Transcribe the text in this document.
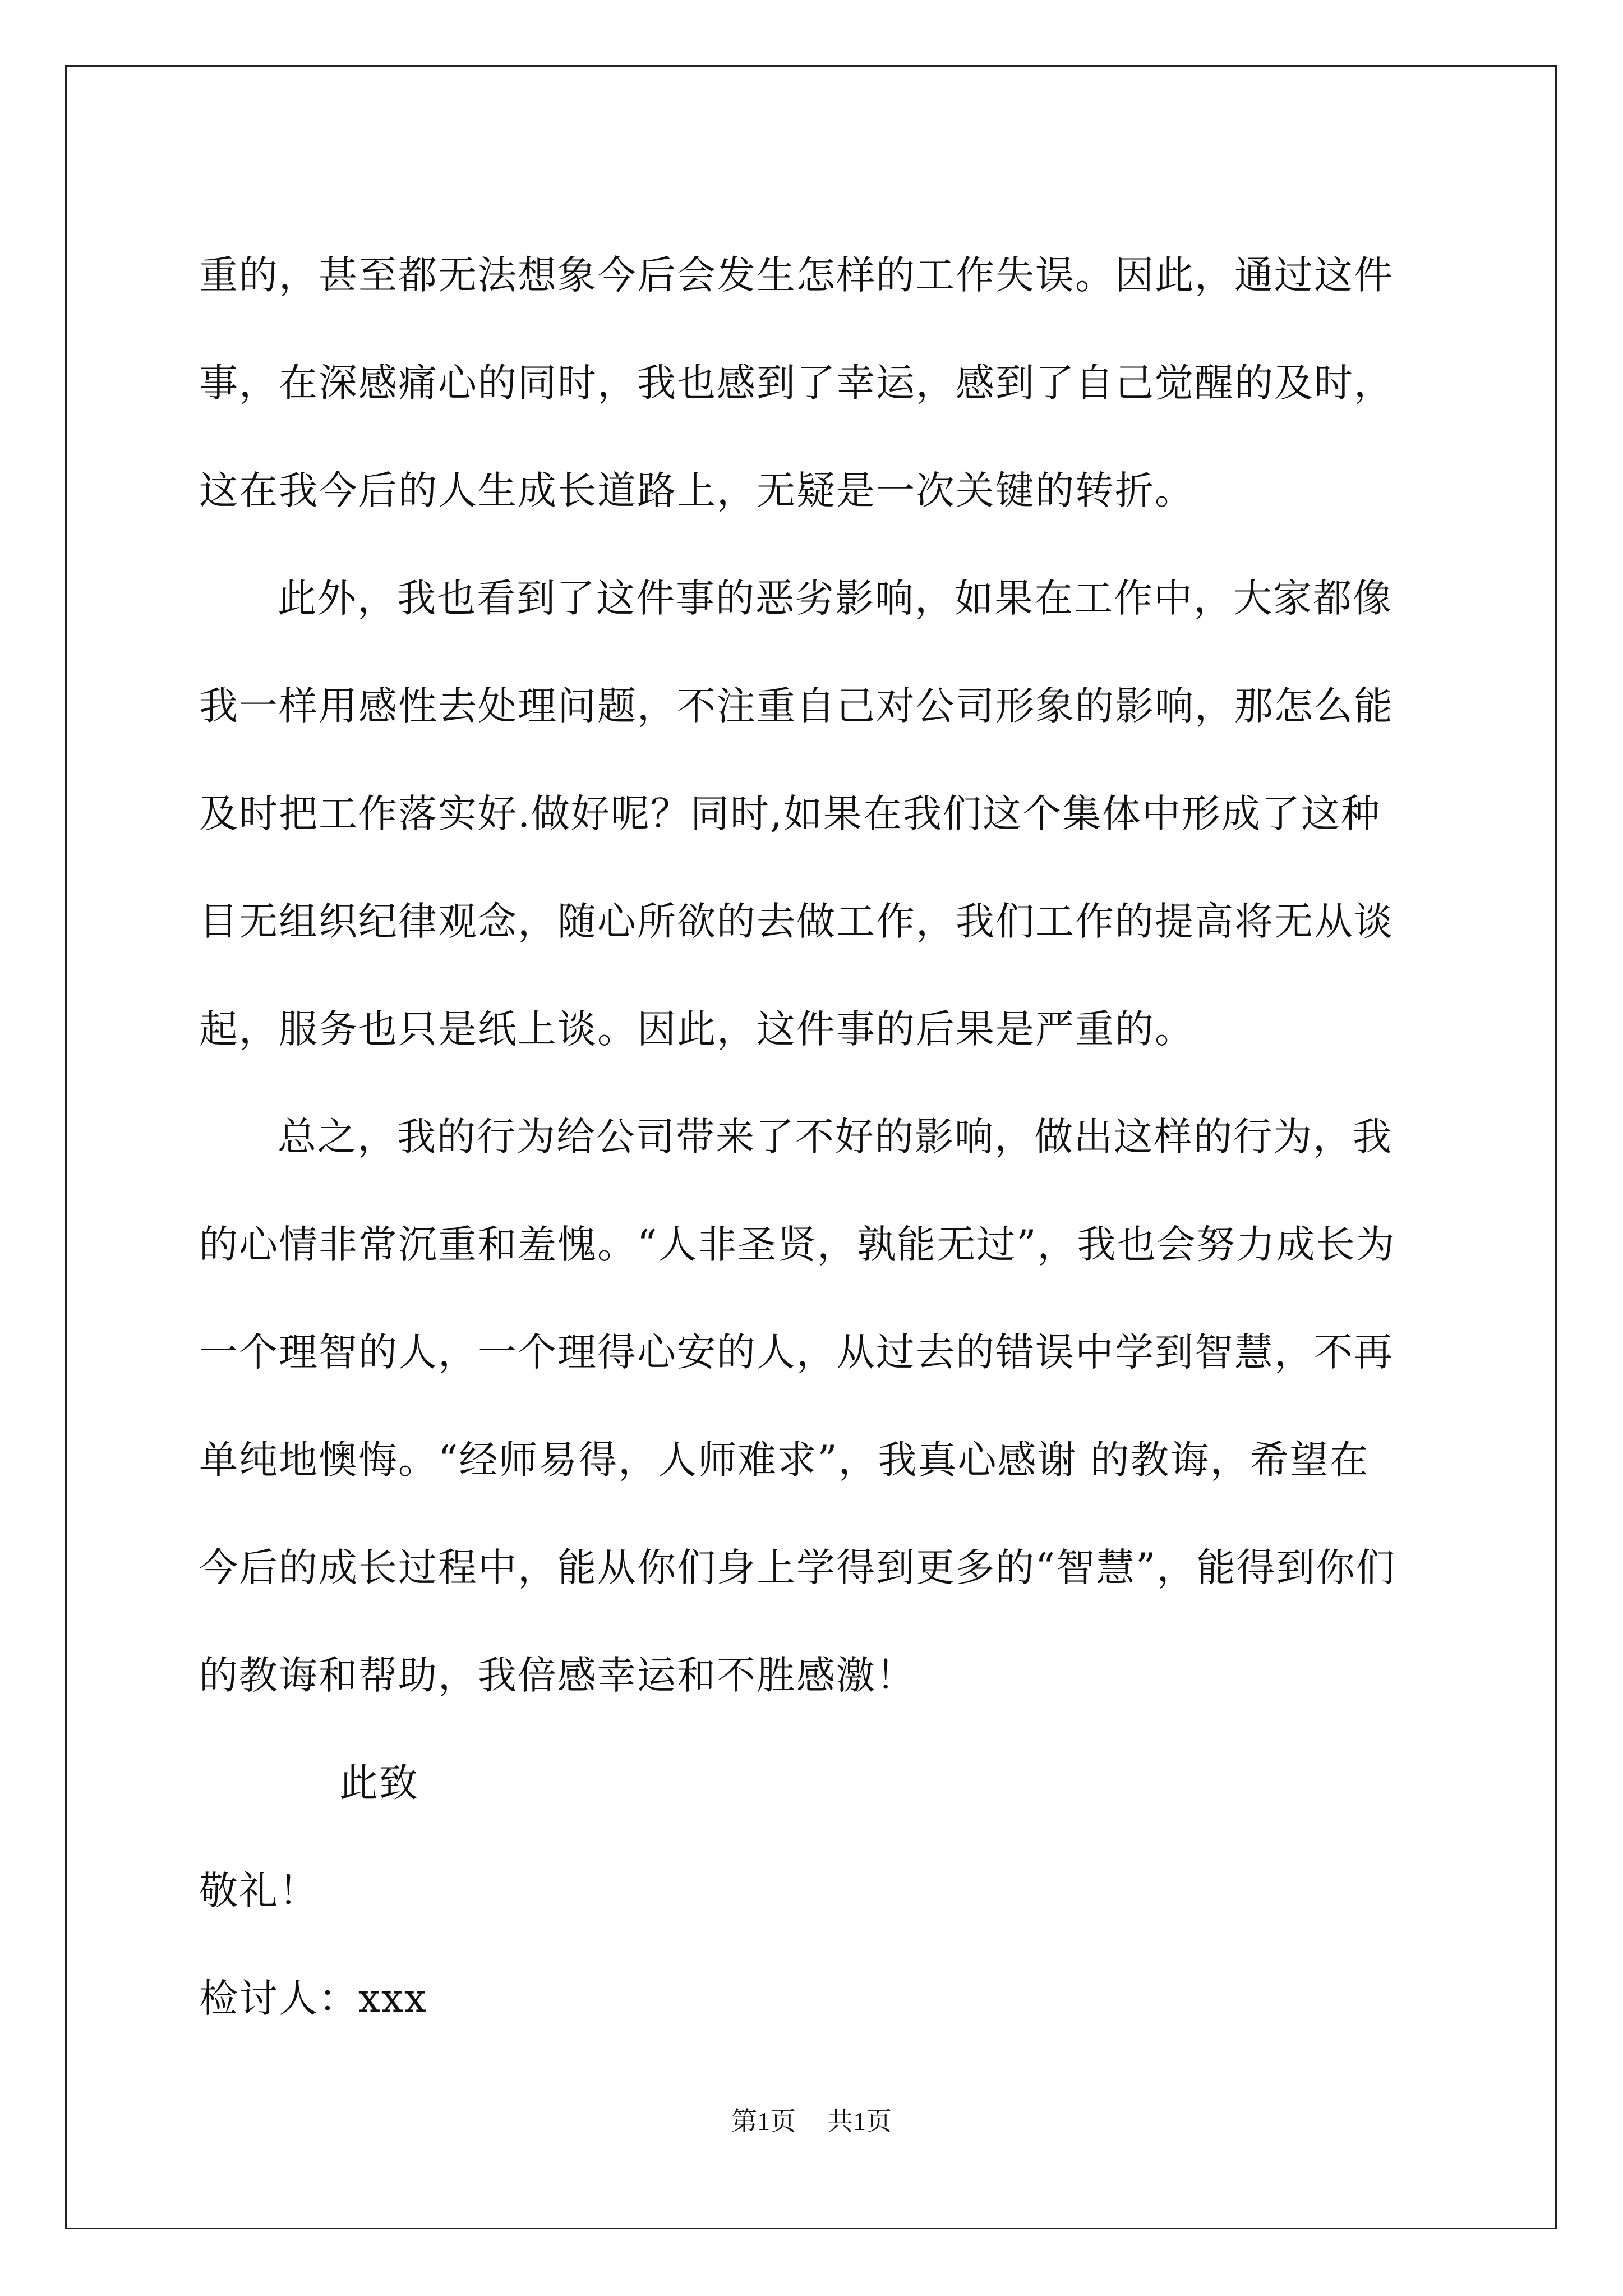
重的，甚至都无法想象今后会发生怎样的工作失误。因此，通过这件
事，在深感痛心的同时，我也感到了幸运，感到了自己觉醒的及时，
这在我今后的人生成长道路上，无疑是一次关键的转折。
此外，我也看到了这件事的恶劣影响，如果在工作中，大家都像
我一样用感性去处理问题，不注重自己对公司形象的影响，那怎么能
及时把工作落实好.做好呢？同时,如果在我们这个集体中形成了这种
目无组织纪律观念，随心所欲的去做工作，我们工作的提高将无从谈
起，服务也只是纸上谈。因此，这件事的后果是严重的。
总之，我的行为给公司带来了不好的影响，做出这样的行为，我
的心情非常沉重和羞愧。“人非圣贤，孰能无过”，我也会努力成长为
一个理智的人，一个理得心安的人，从过去的错误中学到智慧，不再
单纯地懊悔。“经师易得，人师难求”，我真心感谢 的教诲，希望在
今后的成长过程中，能从你们身上学得到更多的“智慧”，能得到你们
的教诲和帮助，我倍感幸运和不胜感激！
此致
敬礼！
检讨人：xxx
第1页 共1页
